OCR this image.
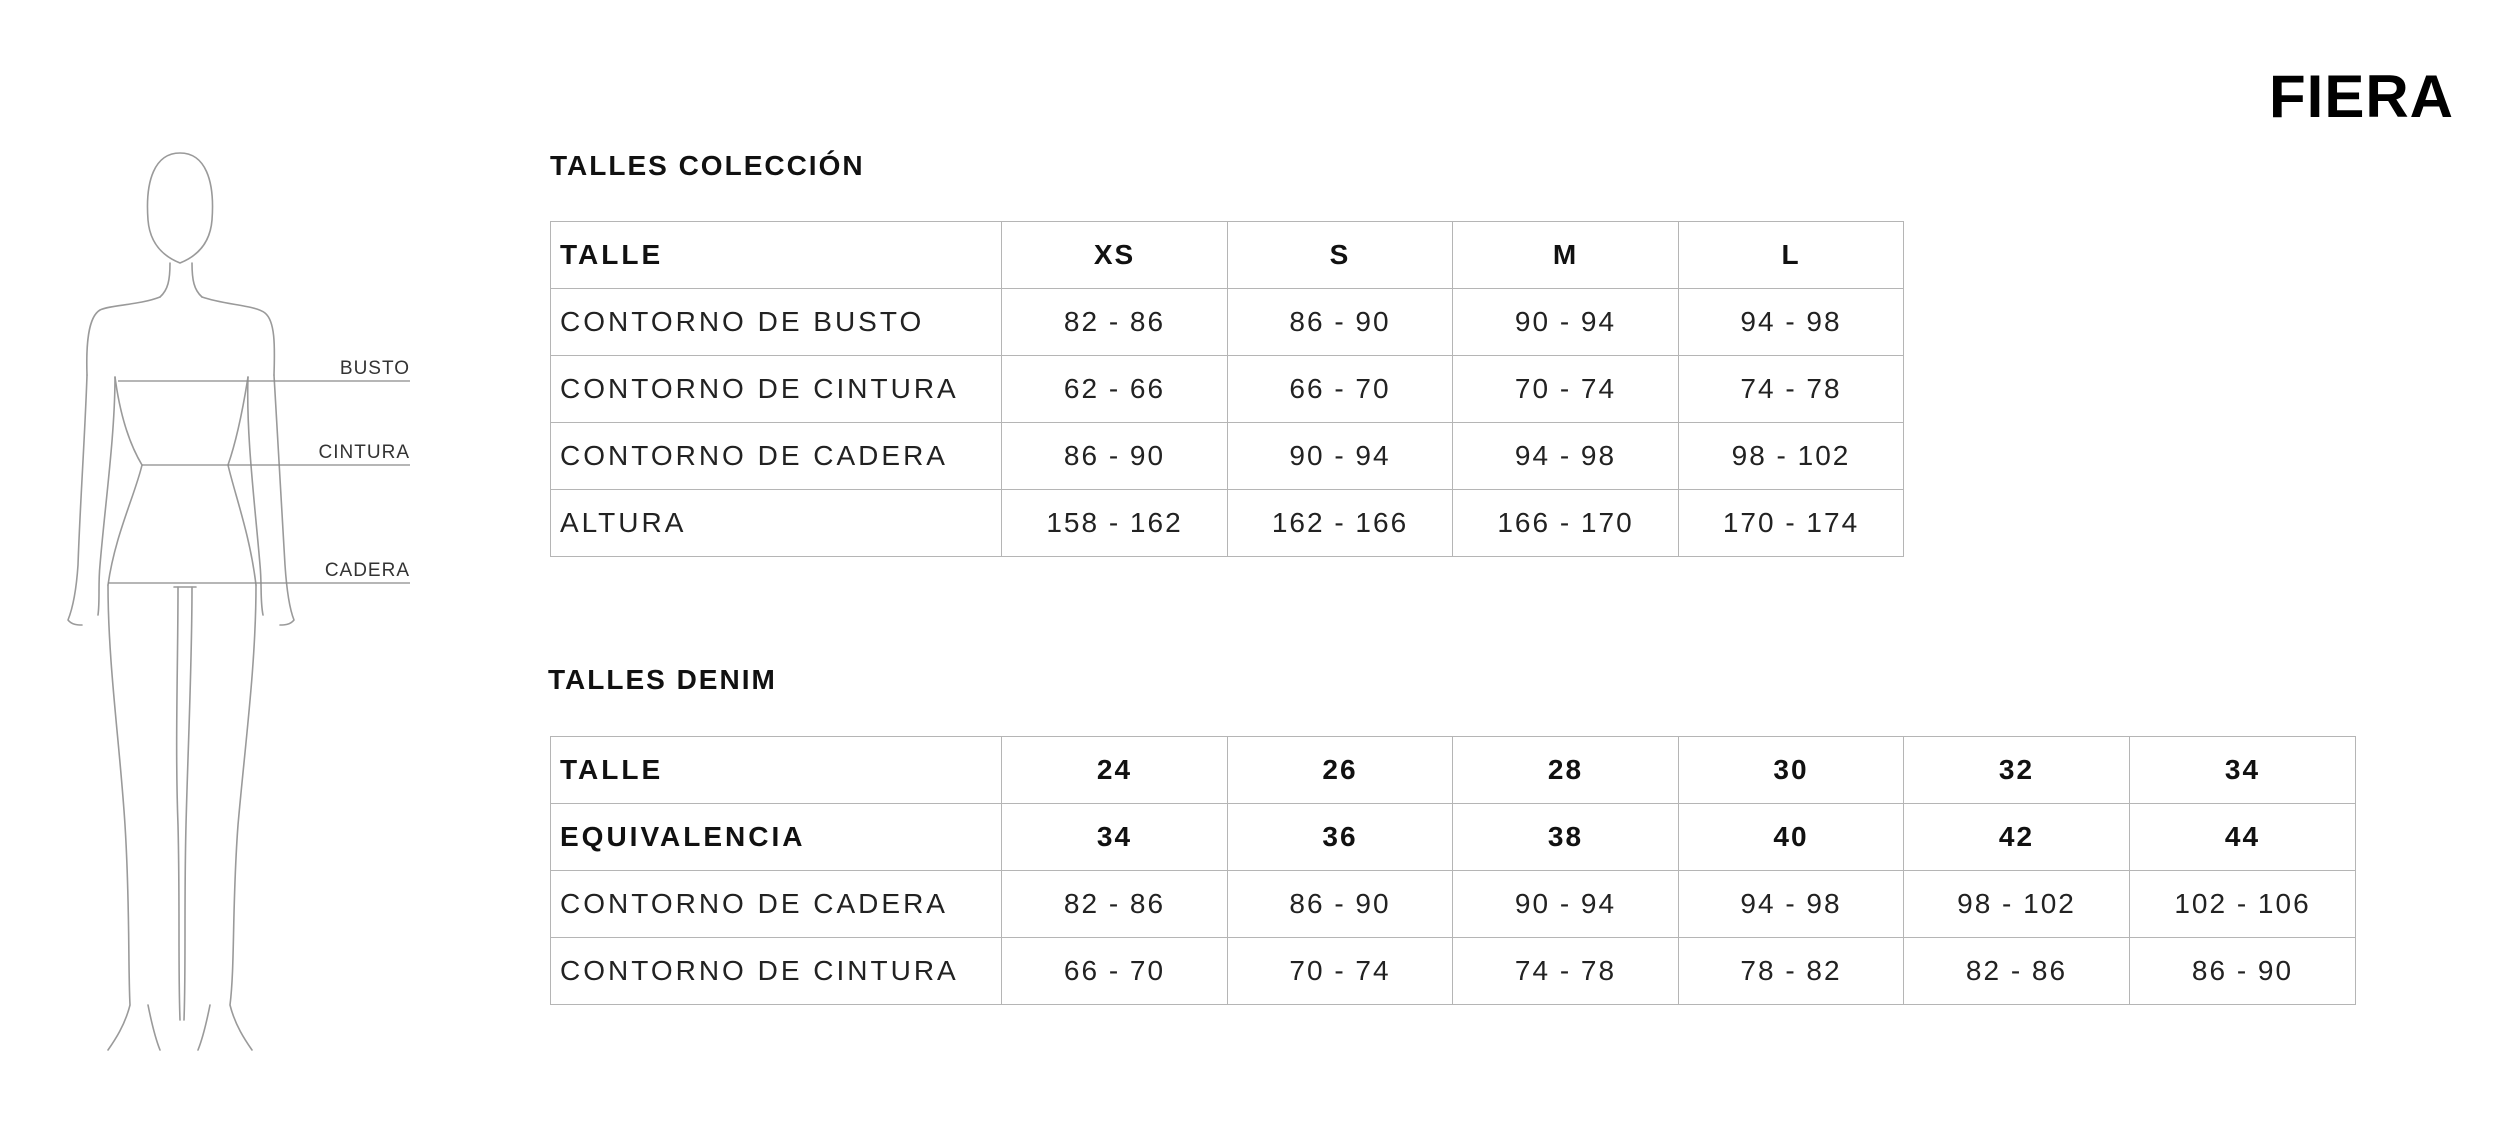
FIERA
BUSTO
CINTURA
CADERA
TALLES COLECCIÓN
TALLE	XS	S	M	L
CONTORNO DE BUSTO	82 - 86	86 - 90	90 - 94	94 - 98
CONTORNO DE CINTURA	62 - 66	66 - 70	70 - 74	74 - 78
CONTORNO DE CADERA	86 - 90	90 - 94	94 - 98	98 - 102
ALTURA	158 - 162	162 - 166	166 - 170	170 - 174
TALLES DENIM
TALLE	24	26	28	30	32	34
EQUIVALENCIA	34	36	38	40	42	44
CONTORNO DE CADERA	82 - 86	86 - 90	90 - 94	94 - 98	98 - 102	102 - 106
CONTORNO DE CINTURA	66 - 70	70 - 74	74 - 78	78 - 82	82 - 86	86 - 90
